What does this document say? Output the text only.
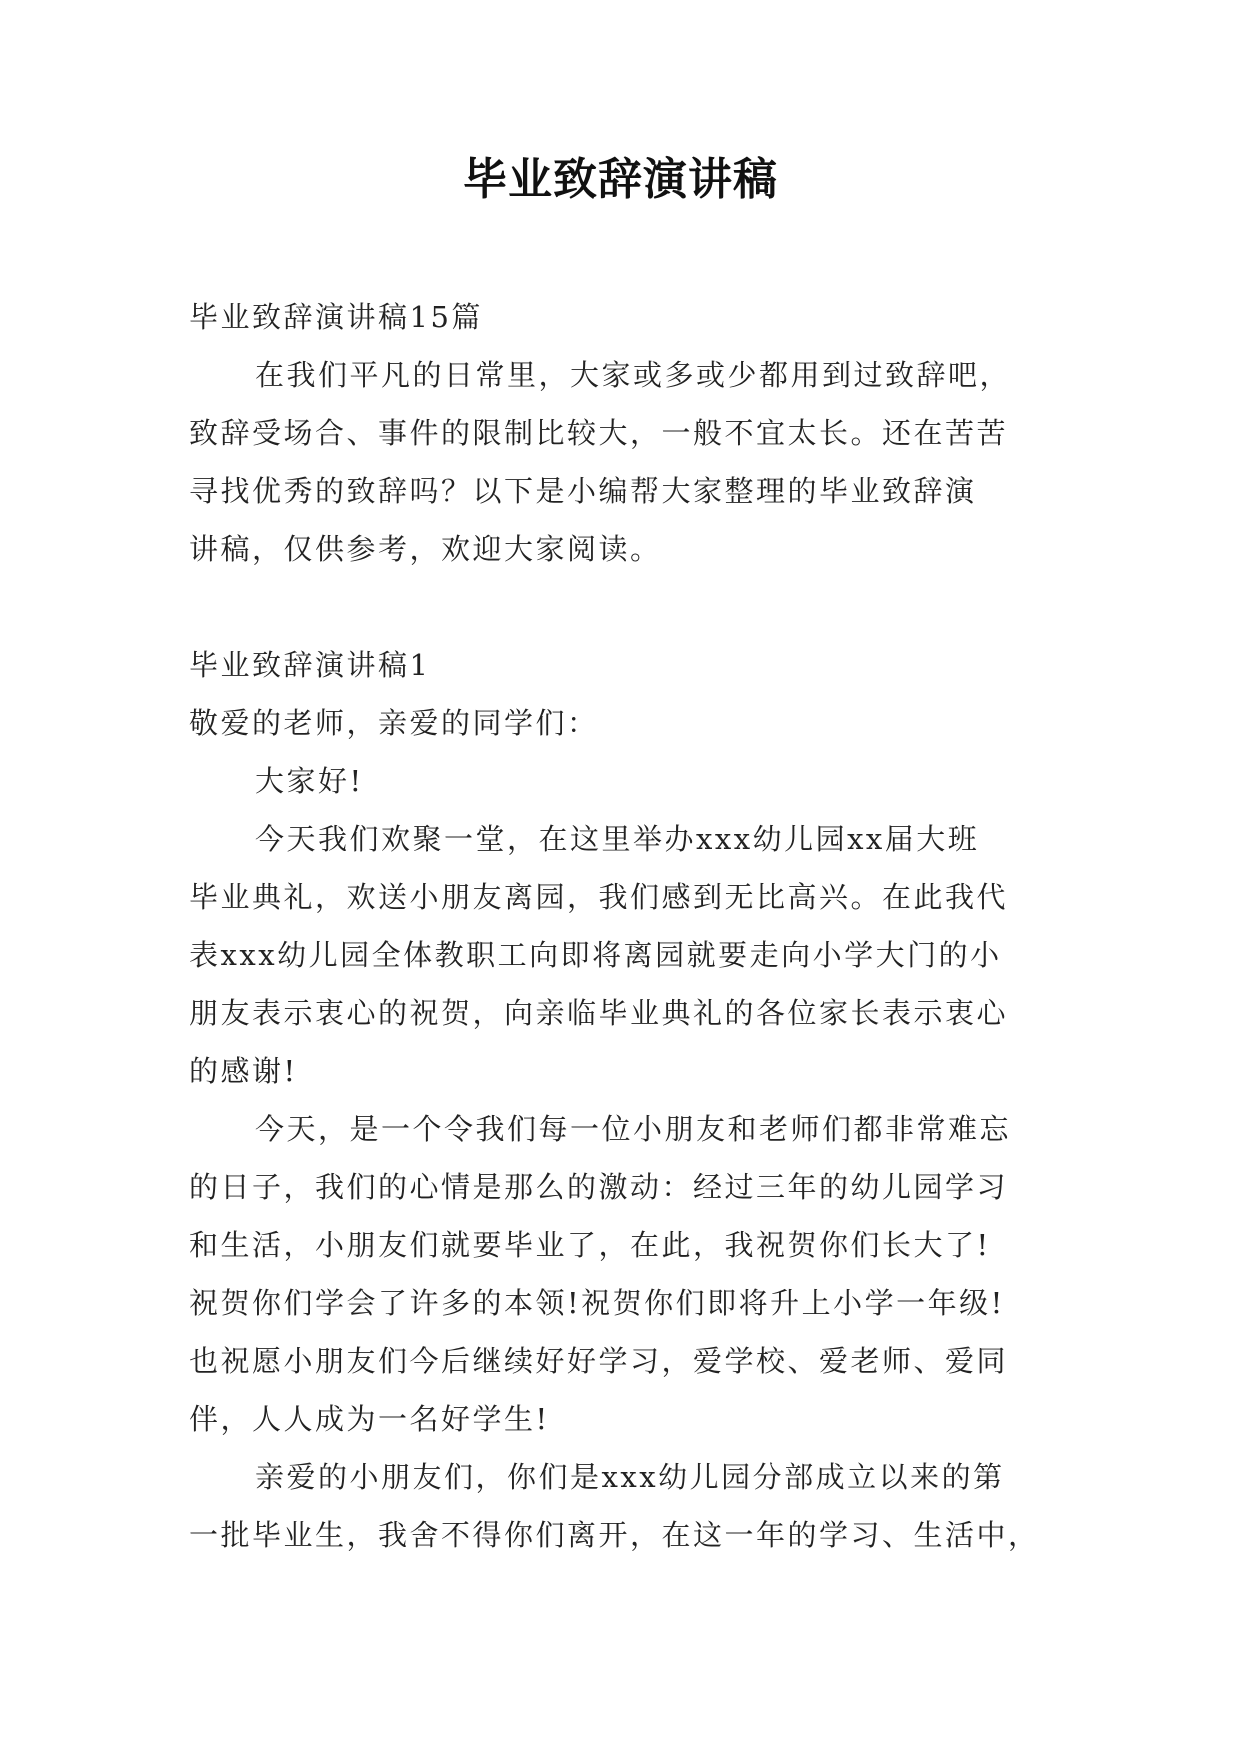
毕业致辞演讲稿
毕业致辞演讲稿15篇
在我们平凡的日常里，大家或多或少都用到过致辞吧，
致辞受场合、事件的限制比较大，一般不宜太长。还在苦苦
寻找优秀的致辞吗？以下是小编帮大家整理的毕业致辞演
讲稿，仅供参考，欢迎大家阅读。
毕业致辞演讲稿1
敬爱的老师，亲爱的同学们：
大家好!
今天我们欢聚一堂，在这里举办xxx幼儿园xx届大班
毕业典礼，欢送小朋友离园，我们感到无比高兴。在此我代
表xxx幼儿园全体教职工向即将离园就要走向小学大门的小
朋友表示衷心的祝贺，向亲临毕业典礼的各位家长表示衷心
的感谢!
今天，是一个令我们每一位小朋友和老师们都非常难忘
的日子，我们的心情是那么的激动：经过三年的幼儿园学习
和生活，小朋友们就要毕业了，在此，我祝贺你们长大了!
祝贺你们学会了许多的本领!祝贺你们即将升上小学一年级!
也祝愿小朋友们今后继续好好学习，爱学校、爱老师、爱同
伴，人人成为一名好学生!
亲爱的小朋友们，你们是xxx幼儿园分部成立以来的第
一批毕业生，我舍不得你们离开，在这一年的学习、生活中，
